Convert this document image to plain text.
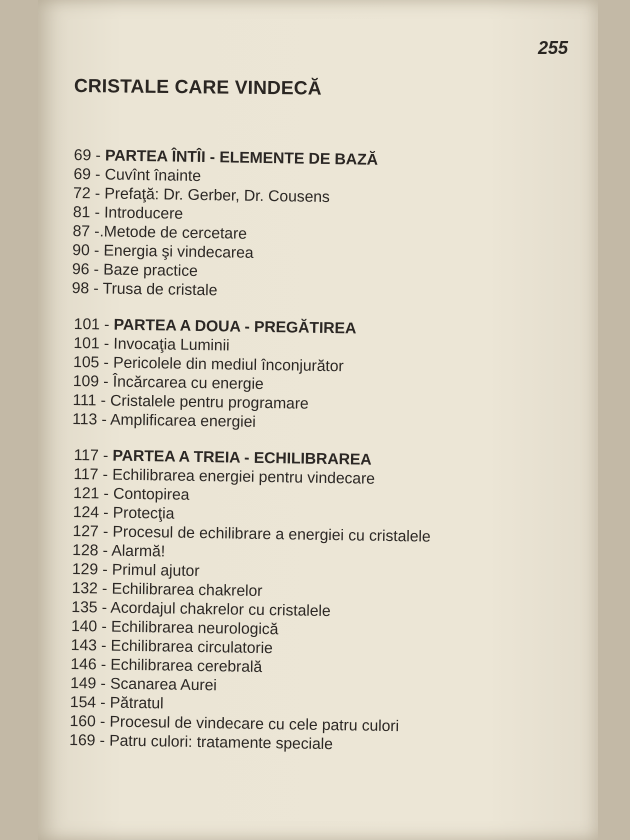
255
CRISTALE CARE VINDECĂ
69 - PARTEA ÎNTÎI - ELEMENTE DE BAZĂ
69 - Cuvînt înainte
72 - Prefaţă: Dr. Gerber, Dr. Cousens
81 - Introducere
87 -.Metode de cercetare
90 - Energia şi vindecarea
96 - Baze practice
98 - Trusa de cristale
101 - PARTEA A DOUA - PREGĂTIREA
101 - Invocaţia Luminii
105 - Pericolele din mediul înconjurător
109 - Încărcarea cu energie
111 - Cristalele pentru programare
113 - Amplificarea energiei
117 - PARTEA A TREIA - ECHILIBRAREA
117 - Echilibrarea energiei pentru vindecare
121 - Contopirea
124 - Protecţia
127 - Procesul de echilibrare a energiei cu cristalele
128 - Alarmă!
129 - Primul ajutor
132 - Echilibrarea chakrelor
135 - Acordajul chakrelor cu cristalele
140 - Echilibrarea neurologică
143 - Echilibrarea circulatorie
146 - Echilibrarea cerebrală
149 - Scanarea Aurei
154 - Pătratul
160 - Procesul de vindecare cu cele patru culori
169 - Patru culori: tratamente speciale
